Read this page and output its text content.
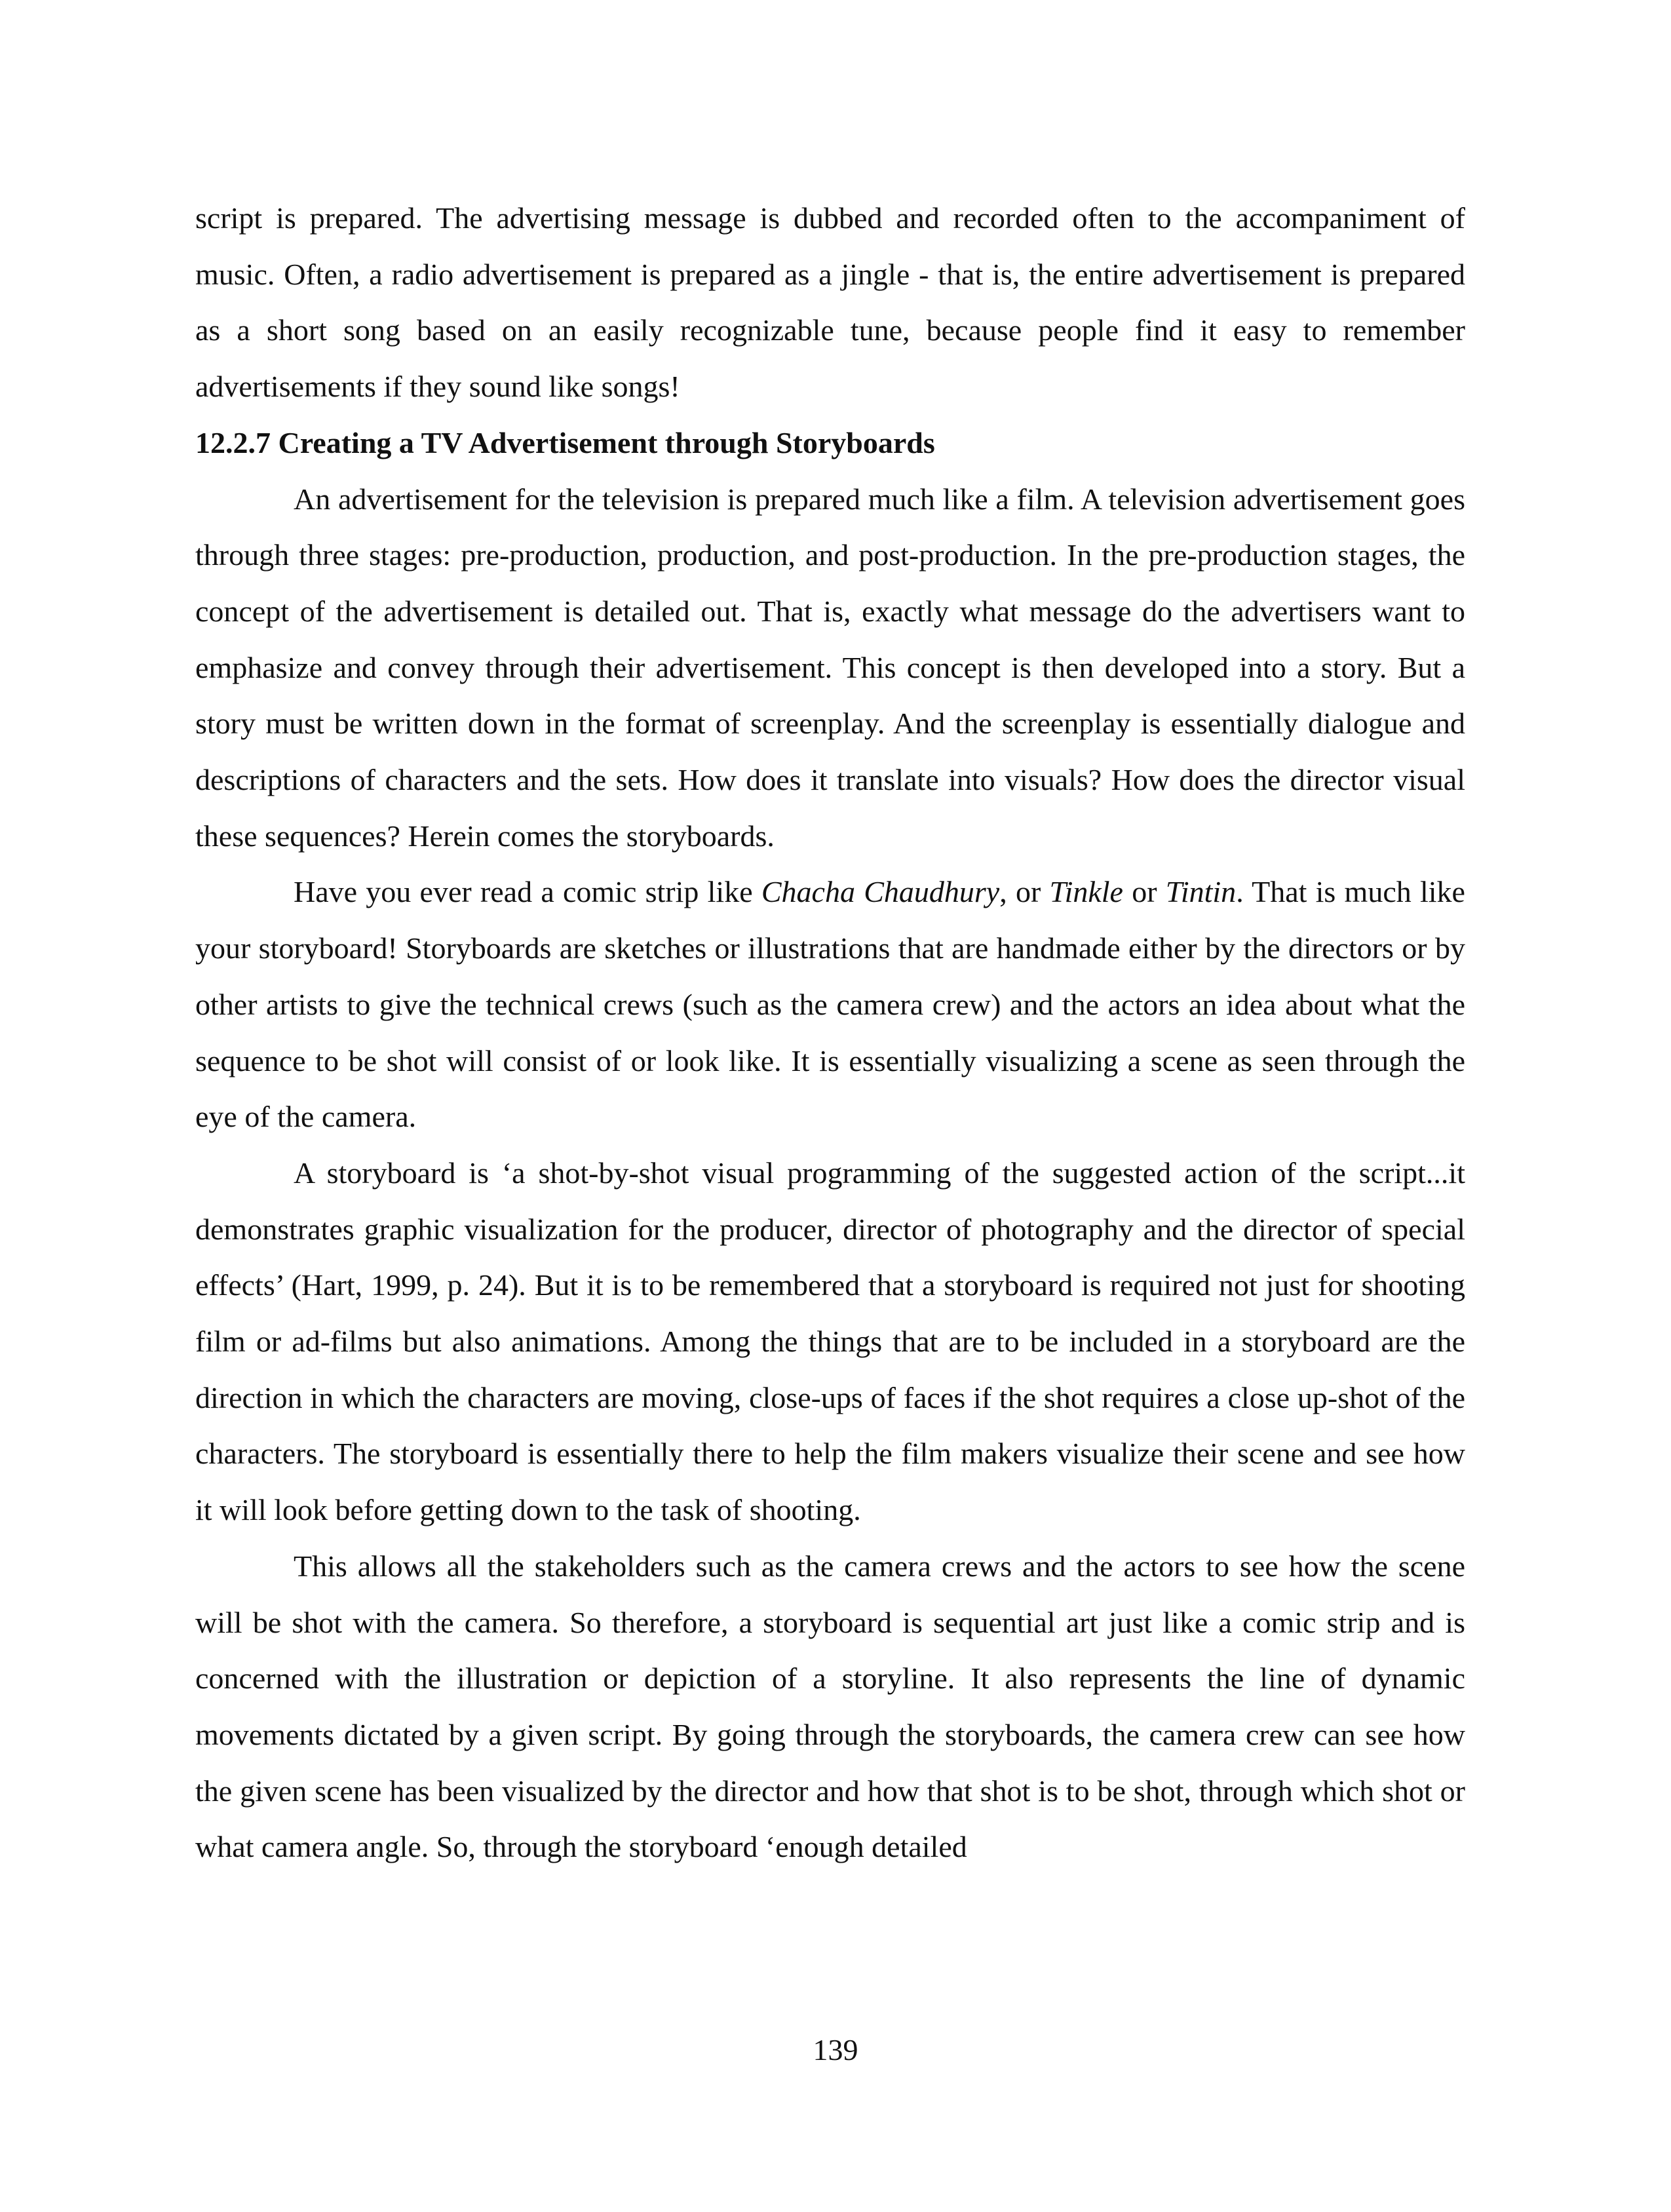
script is prepared. The advertising message is dubbed and recorded often to the accompaniment of music. Often, a radio advertisement is prepared as a jingle - that is, the entire advertisement is prepared as a short song based on an easily recognizable tune, because people find it easy to remember advertisements if they sound like songs!

12.2.7 Creating a TV Advertisement through Storyboards

An advertisement for the television is prepared much like a film. A television advertisement goes through three stages: pre-production, production, and post-production. In the pre-production stages, the concept of the advertisement is detailed out. That is, exactly what message do the advertisers want to emphasize and convey through their advertisement. This concept is then developed into a story. But a story must be written down in the format of screenplay. And the screenplay is essentially dialogue and descriptions of characters and the sets. How does it translate into visuals? How does the director visual these sequences? Herein comes the storyboards.

Have you ever read a comic strip like Chacha Chaudhury, or Tinkle or Tintin. That is much like your storyboard! Storyboards are sketches or illustrations that are handmade either by the directors or by other artists to give the technical crews (such as the camera crew) and the actors an idea about what the sequence to be shot will consist of or look like. It is essentially visualizing a scene as seen through the eye of the camera.

A storyboard is ‘a shot-by-shot visual programming of the suggested action of the script...it demonstrates graphic visualization for the producer, director of photography and the director of special effects’ (Hart, 1999, p. 24). But it is to be remembered that a storyboard is required not just for shooting film or ad-films but also animations. Among the things that are to be included in a storyboard are the direction in which the characters are moving, close-ups of faces if the shot requires a close up-shot of the characters. The storyboard is essentially there to help the film makers visualize their scene and see how it will look before getting down to the task of shooting.

This allows all the stakeholders such as the camera crews and the actors to see how the scene will be shot with the camera. So therefore, a storyboard is sequential art just like a comic strip and is concerned with the illustration or depiction of a storyline. It also represents the line of dynamic movements dictated by a given script. By going through the storyboards, the camera crew can see how the given scene has been visualized by the director and how that shot is to be shot, through which shot or what camera angle. So, through the storyboard ‘enough detailed

139
